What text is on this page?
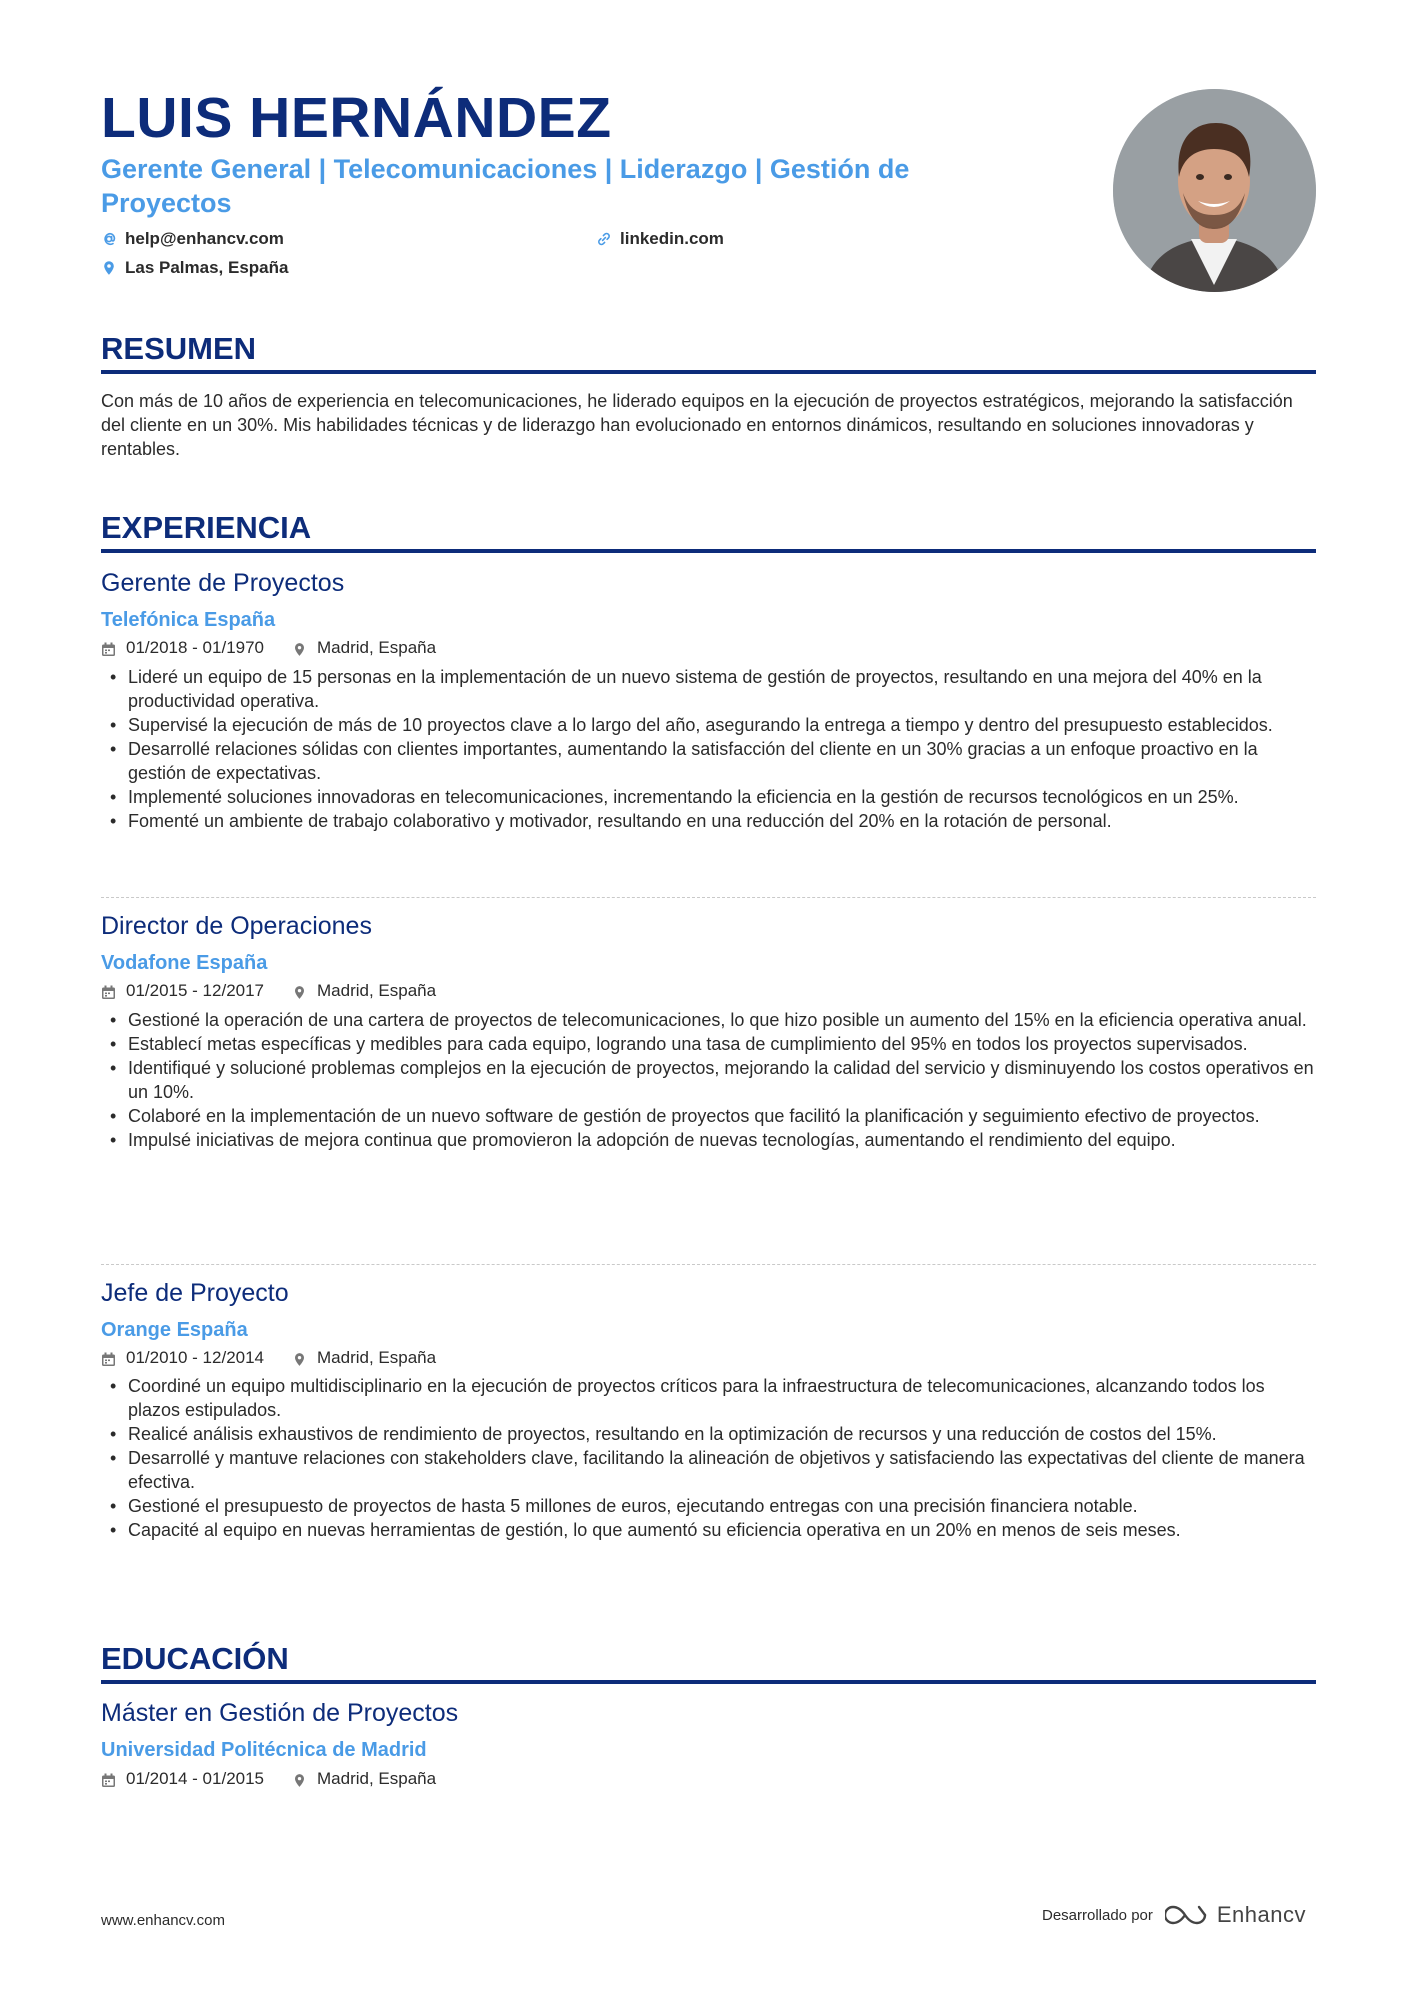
LUIS HERNÁNDEZ
Gerente General | Telecomunicaciones | Liderazgo | Gestión de Proyectos
help@enhancv.com	linkedin.com
Las Palmas, España
RESUMEN

Con más de 10 años de experiencia en telecomunicaciones, he liderado equipos en la ejecución de proyectos estratégicos, mejorando la satisfacción del cliente en un 30%. Mis habilidades técnicas y de liderazgo han evolucionado en entornos dinámicos, resultando en soluciones innovadoras y rentables.

EXPERIENCIA
Gerente de Proyectos
Telefónica España
01/2018 - 01/1970	Madrid, España
• Lideré un equipo de 15 personas en la implementación de un nuevo sistema de gestión de proyectos, resultando en una mejora del 40% en la productividad operativa.
• Supervisé la ejecución de más de 10 proyectos clave a lo largo del año, asegurando la entrega a tiempo y dentro del presupuesto establecidos.
• Desarrollé relaciones sólidas con clientes importantes, aumentando la satisfacción del cliente en un 30% gracias a un enfoque proactivo en la gestión de expectativas.
• Implementé soluciones innovadoras en telecomunicaciones, incrementando la eficiencia en la gestión de recursos tecnológicos en un 25%.
• Fomenté un ambiente de trabajo colaborativo y motivador, resultando en una reducción del 20% en la rotación de personal.
Director de Operaciones
Vodafone España
01/2015 - 12/2017	Madrid, España
• Gestioné la operación de una cartera de proyectos de telecomunicaciones, lo que hizo posible un aumento del 15% en la eficiencia operativa anual.
• Establecí metas específicas y medibles para cada equipo, logrando una tasa de cumplimiento del 95% en todos los proyectos supervisados.
• Identifiqué y solucioné problemas complejos en la ejecución de proyectos, mejorando la calidad del servicio y disminuyendo los costos operativos en un 10%.
• Colaboré en la implementación de un nuevo software de gestión de proyectos que facilitó la planificación y seguimiento efectivo de proyectos.
• Impulsé iniciativas de mejora continua que promovieron la adopción de nuevas tecnologías, aumentando el rendimiento del equipo.
Jefe de Proyecto
Orange España
01/2010 - 12/2014	Madrid, España
• Coordiné un equipo multidisciplinario en la ejecución de proyectos críticos para la infraestructura de telecomunicaciones, alcanzando todos los plazos estipulados.
• Realicé análisis exhaustivos de rendimiento de proyectos, resultando en la optimización de recursos y una reducción de costos del 15%.
• Desarrollé y mantuve relaciones con stakeholders clave, facilitando la alineación de objetivos y satisfaciendo las expectativas del cliente de manera efectiva.
• Gestioné el presupuesto de proyectos de hasta 5 millones de euros, ejecutando entregas con una precisión financiera notable.
• Capacité al equipo en nuevas herramientas de gestión, lo que aumentó su eficiencia operativa en un 20% en menos de seis meses.
EDUCACIÓN
Máster en Gestión de Proyectos
Universidad Politécnica de Madrid
01/2014 - 01/2015	Madrid, España
www.enhancv.com	Desarrollado por	Enhancv
